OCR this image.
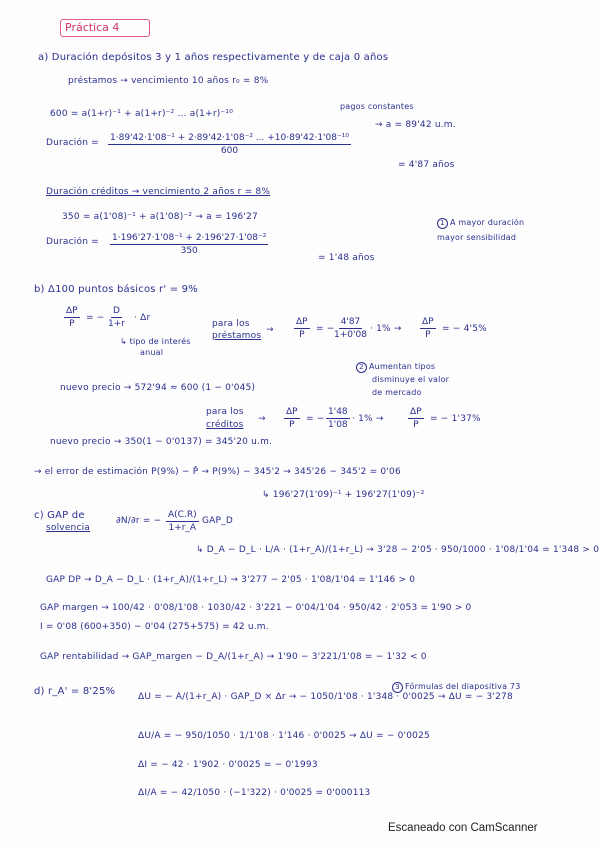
Práctica 4
a) Duración depósitos 3 y 1 años respectivamente y de caja 0 años
préstamos → vencimiento 10 años r₀ = 8%
600 = a(1+r)⁻¹ + a(1+r)⁻² ... a(1+r)⁻¹⁰
pagos constantes
→ a = 89'42 u.m.
Duración = $\frac{\text{1·89'42·1'08⁻¹ + 2·89'42·1'08⁻² ... +10·89'42·1'08⁻¹⁰}}{600}$
= 4'87 años
Duración créditos → vencimiento 2 años r = 8%
350 = a(1'08)⁻¹ + a(1'08)⁻² → a = 196'27
Duración = $\frac{\text{1·196'27·1'08⁻¹ + 2·196'27·1'08⁻²}}{350}$
= 1'48 años
1 A mayor duración
mayor sensibilidad
b) Δ100 puntos básicos r' = 9%
$\frac{\Delta P}{P}$ = − $\frac{D}{1+r} \cdot \Delta r$
↳ tipo de interés
anual
para los
préstamos
→ $\frac{\Delta P}{P}$ = − $\frac{4'87}{1+0'08} \cdot 1\% \to \frac{\Delta P}{P}$ = − 4'5%
2 Aumentan tipos
disminuye el valor
de mercado
nuevo precio → 572'94 ≈ 600 (1 − 0'045)
para los
créditos
→ $\frac{\Delta P}{P}$ = − $\frac{1'48}{1'08} \cdot 1\%$ →	$\frac{\Delta P}{P}$ = − 1'37%
nuevo precio → 350(1 − 0'0137) = 345'20 u.m.
→ el error de estimación P(9%) − P̂ → P(9%) − 345'2 → 345'26 − 345'2 = 0'06
↳ 196'27(1'09)⁻¹ + 196'27(1'09)⁻²
c) GAP de
solvencia
∂N/∂r = − $\frac{A(C.R)}{1+r\_A}$ GAP_D
↳ D_A − D_L · L/A · (1+r_A)/(1+r_L) → 3'28 − 2'05 · 950/1000 · 1'08/1'04 = 1'348 > 0
GAP DP → D_A − D_L · (1+r_A)/(1+r_L) → 3'277 − 2'05 · 1'08/1'04 = 1'146 > 0
GAP margen → 100/42 · 0'08/1'08 · 1030/42 · 3'221 − 0'04/1'04 · 950/42 · 2'053 = 1'90 > 0
I = 0'08 (600+350) − 0'04 (275+575) = 42 u.m.
GAP rentabilidad → GAP_margen − D_A/(1+r_A) → 1'90 − 3'221/1'08 = − 1'32 < 0
d) r_A' = 8'25%	ΔU = − A/(1+r_A) · GAP_D × Δr → − 1050/1'08 · 1'348 · 0'0025 → ΔU = − 3'278
3 Fórmulas del diapositiva 73
ΔU/A = − 950/1050 · 1/1'08 · 1'146 · 0'0025 → ΔU = − 0'0025
ΔI = − 42 · 1'902 · 0'0025 = − 0'1993
ΔI/A = − 42/1050 · (−1'322) · 0'0025 = 0'000113
Escaneado con CamScanner
